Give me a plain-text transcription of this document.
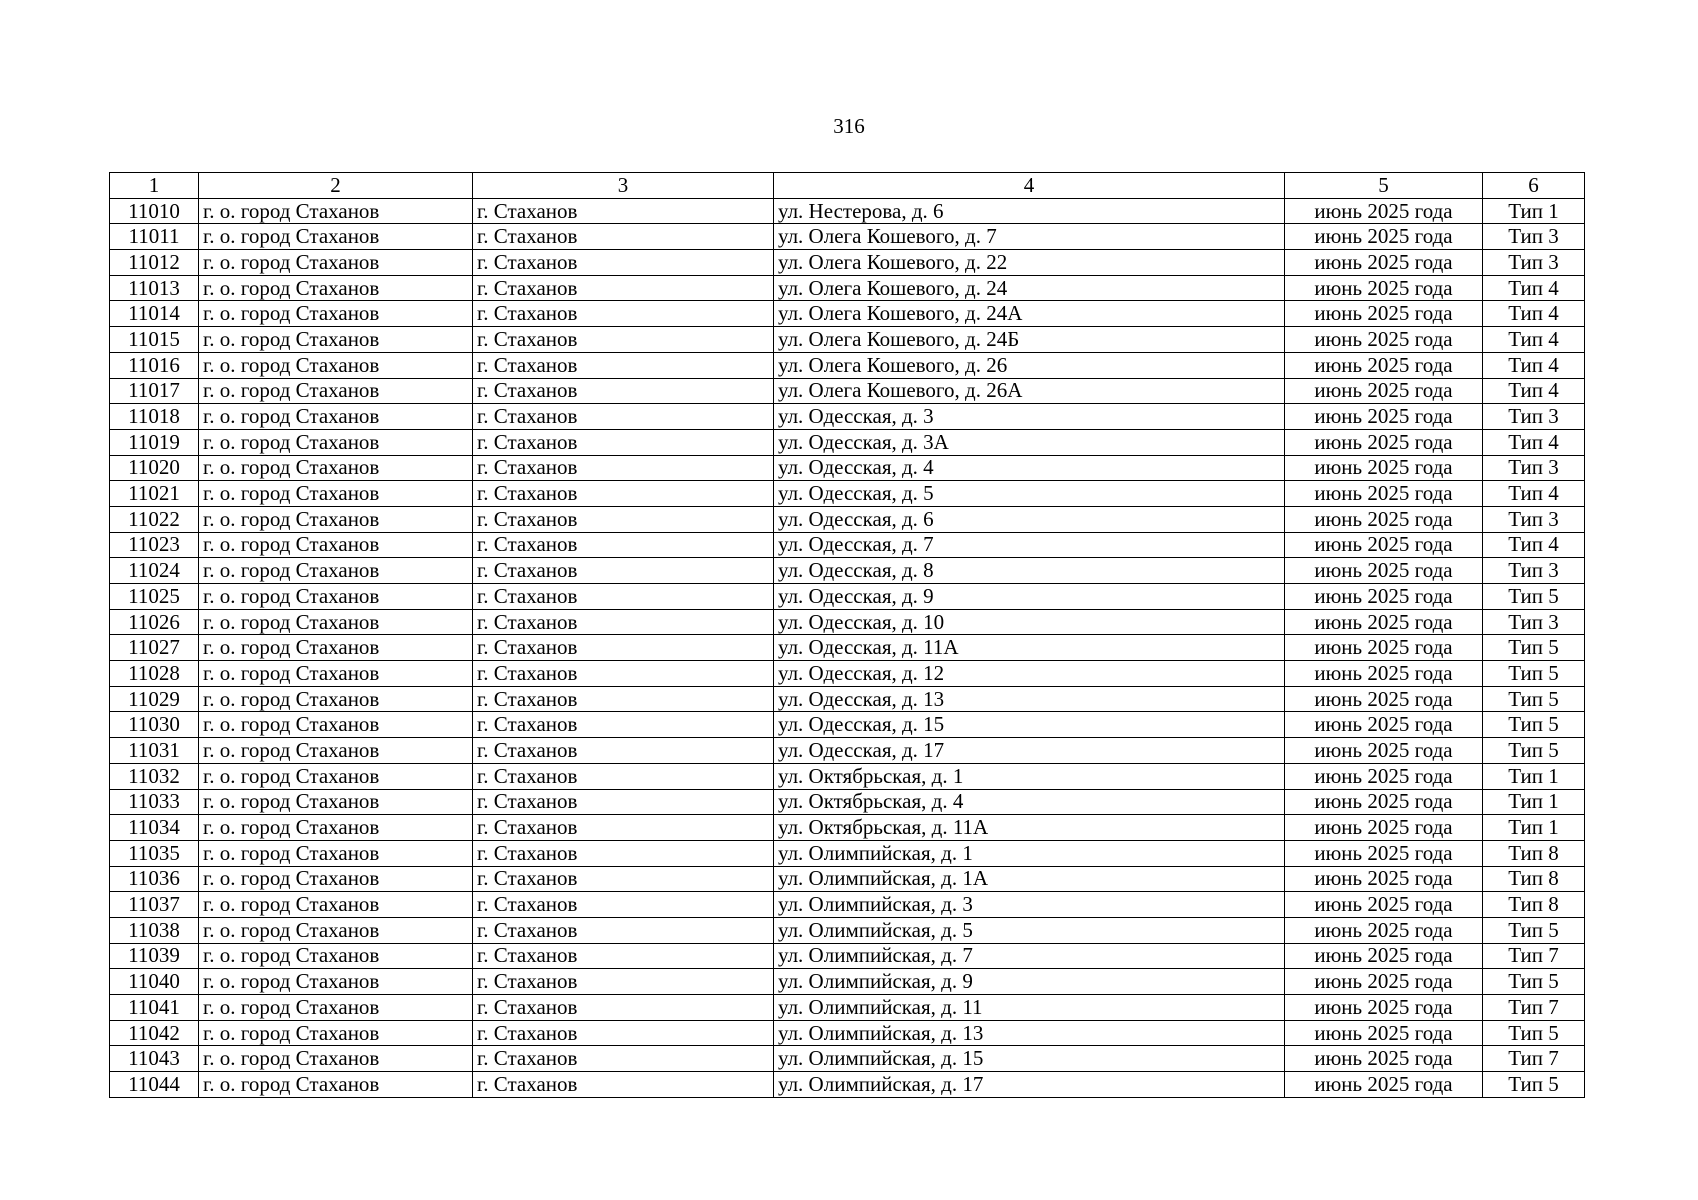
316
1	2	3	4	5	6
11010	г. о. город Стаханов	г. Стаханов	ул. Нестерова, д. 6	июнь 2025 года	Тип 1
11011	г. о. город Стаханов	г. Стаханов	ул. Олега Кошевого, д. 7	июнь 2025 года	Тип 3
11012	г. о. город Стаханов	г. Стаханов	ул. Олега Кошевого, д. 22	июнь 2025 года	Тип 3
11013	г. о. город Стаханов	г. Стаханов	ул. Олега Кошевого, д. 24	июнь 2025 года	Тип 4
11014	г. о. город Стаханов	г. Стаханов	ул. Олега Кошевого, д. 24А	июнь 2025 года	Тип 4
11015	г. о. город Стаханов	г. Стаханов	ул. Олега Кошевого, д. 24Б	июнь 2025 года	Тип 4
11016	г. о. город Стаханов	г. Стаханов	ул. Олега Кошевого, д. 26	июнь 2025 года	Тип 4
11017	г. о. город Стаханов	г. Стаханов	ул. Олега Кошевого, д. 26А	июнь 2025 года	Тип 4
11018	г. о. город Стаханов	г. Стаханов	ул. Одесская, д. 3	июнь 2025 года	Тип 3
11019	г. о. город Стаханов	г. Стаханов	ул. Одесская, д. 3А	июнь 2025 года	Тип 4
11020	г. о. город Стаханов	г. Стаханов	ул. Одесская, д. 4	июнь 2025 года	Тип 3
11021	г. о. город Стаханов	г. Стаханов	ул. Одесская, д. 5	июнь 2025 года	Тип 4
11022	г. о. город Стаханов	г. Стаханов	ул. Одесская, д. 6	июнь 2025 года	Тип 3
11023	г. о. город Стаханов	г. Стаханов	ул. Одесская, д. 7	июнь 2025 года	Тип 4
11024	г. о. город Стаханов	г. Стаханов	ул. Одесская, д. 8	июнь 2025 года	Тип 3
11025	г. о. город Стаханов	г. Стаханов	ул. Одесская, д. 9	июнь 2025 года	Тип 5
11026	г. о. город Стаханов	г. Стаханов	ул. Одесская, д. 10	июнь 2025 года	Тип 3
11027	г. о. город Стаханов	г. Стаханов	ул. Одесская, д. 11А	июнь 2025 года	Тип 5
11028	г. о. город Стаханов	г. Стаханов	ул. Одесская, д. 12	июнь 2025 года	Тип 5
11029	г. о. город Стаханов	г. Стаханов	ул. Одесская, д. 13	июнь 2025 года	Тип 5
11030	г. о. город Стаханов	г. Стаханов	ул. Одесская, д. 15	июнь 2025 года	Тип 5
11031	г. о. город Стаханов	г. Стаханов	ул. Одесская, д. 17	июнь 2025 года	Тип 5
11032	г. о. город Стаханов	г. Стаханов	ул. Октябрьская, д. 1	июнь 2025 года	Тип 1
11033	г. о. город Стаханов	г. Стаханов	ул. Октябрьская, д. 4	июнь 2025 года	Тип 1
11034	г. о. город Стаханов	г. Стаханов	ул. Октябрьская, д. 11А	июнь 2025 года	Тип 1
11035	г. о. город Стаханов	г. Стаханов	ул. Олимпийская, д. 1	июнь 2025 года	Тип 8
11036	г. о. город Стаханов	г. Стаханов	ул. Олимпийская, д. 1А	июнь 2025 года	Тип 8
11037	г. о. город Стаханов	г. Стаханов	ул. Олимпийская, д. 3	июнь 2025 года	Тип 8
11038	г. о. город Стаханов	г. Стаханов	ул. Олимпийская, д. 5	июнь 2025 года	Тип 5
11039	г. о. город Стаханов	г. Стаханов	ул. Олимпийская, д. 7	июнь 2025 года	Тип 7
11040	г. о. город Стаханов	г. Стаханов	ул. Олимпийская, д. 9	июнь 2025 года	Тип 5
11041	г. о. город Стаханов	г. Стаханов	ул. Олимпийская, д. 11	июнь 2025 года	Тип 7
11042	г. о. город Стаханов	г. Стаханов	ул. Олимпийская, д. 13	июнь 2025 года	Тип 5
11043	г. о. город Стаханов	г. Стаханов	ул. Олимпийская, д. 15	июнь 2025 года	Тип 7
11044	г. о. город Стаханов	г. Стаханов	ул. Олимпийская, д. 17	июнь 2025 года	Тип 5
